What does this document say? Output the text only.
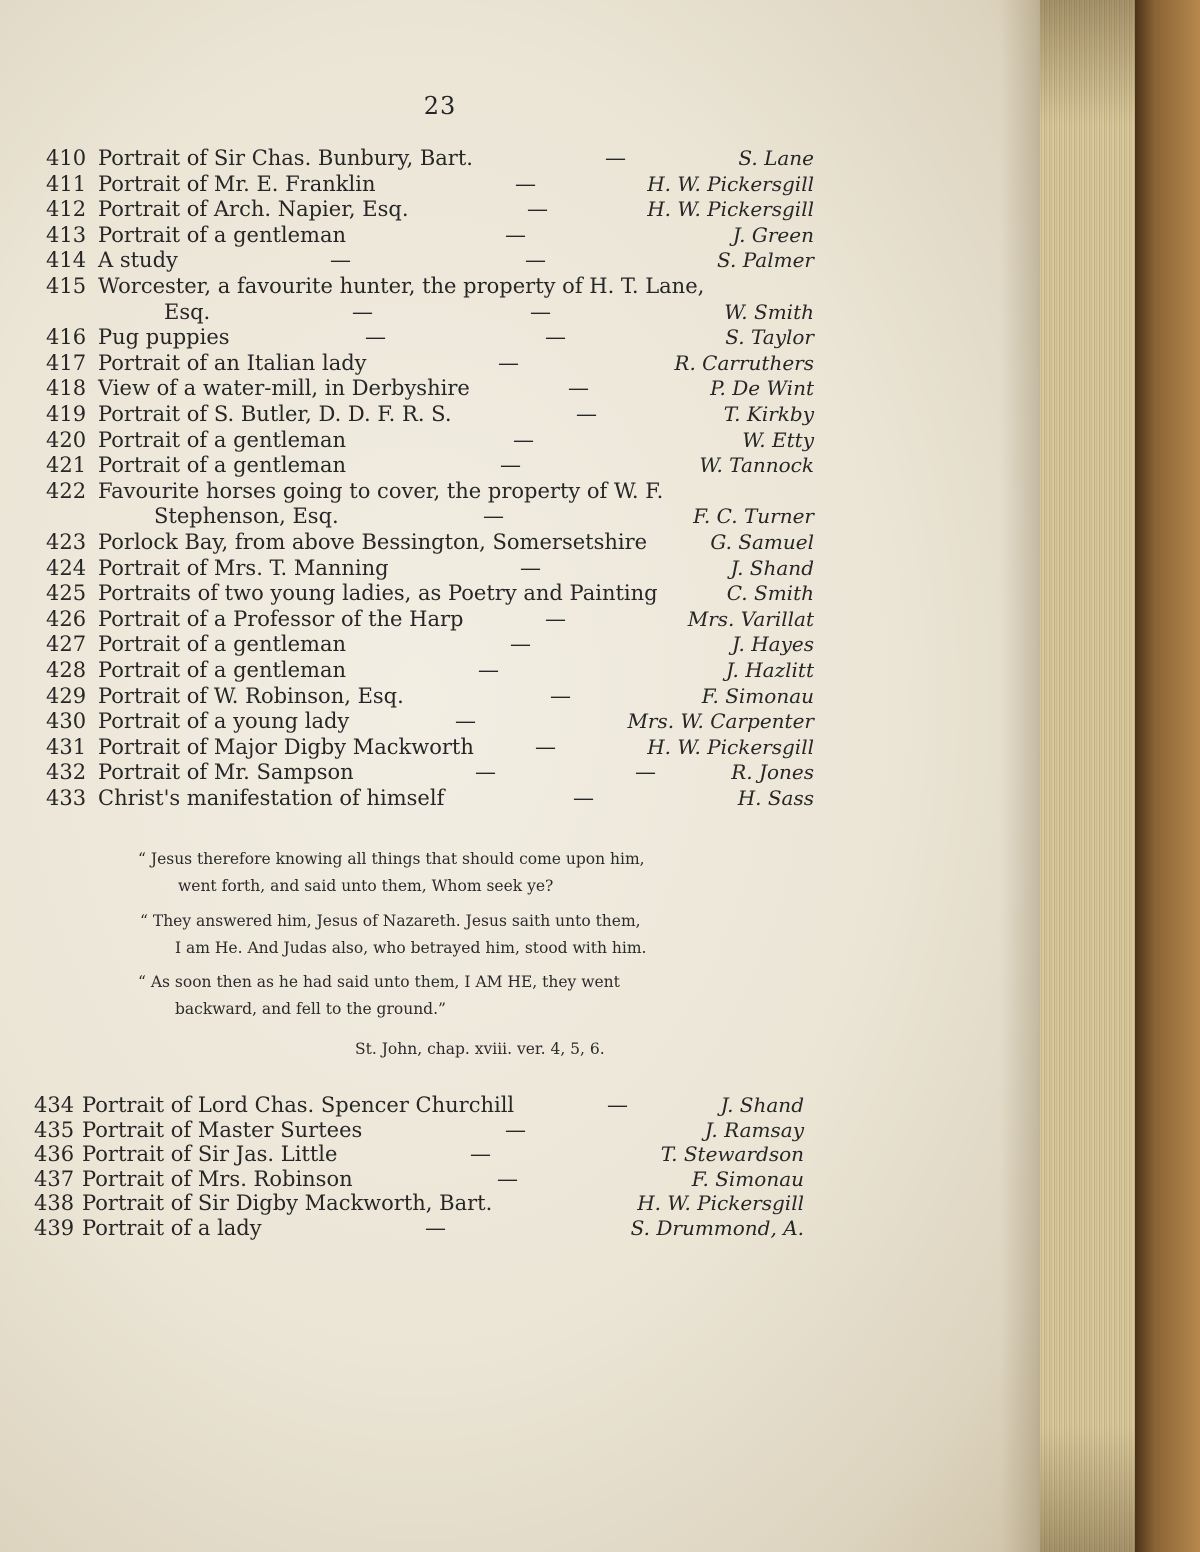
23
410 Portrait of Sir Chas. Bunbury, Bart.	—	S. Lane
411 Portrait of Mr. E. Franklin	—	H. W. Pickersgill
412 Portrait of Arch. Napier, Esq.	—	H. W. Pickersgill
413 Portrait of a gentleman	—	J. Green
414 A study	—	—	S. Palmer
415 Worcester, a favourite hunter, the property of H. T. Lane,
Esq.	—	—	W. Smith
416 Pug puppies	—	—	S. Taylor
417 Portrait of an Italian lady	—	R. Carruthers
418 View of a water-mill, in Derbyshire	—	P. De Wint
419 Portrait of S. Butler, D. D. F. R. S.	—	T. Kirkby
420 Portrait of a gentleman	—	W. Etty
421 Portrait of a gentleman	—	W. Tannock
422 Favourite horses going to cover, the property of W. F.
Stephenson, Esq.	—	F. C. Turner
423 Porlock Bay, from above Bessington, Somersetshire	G. Samuel
424 Portrait of Mrs. T. Manning	—	J. Shand
425 Portraits of two young ladies, as Poetry and Painting	C. Smith
426 Portrait of a Professor of the Harp	—	Mrs. Varillat
427 Portrait of a gentleman	—	J. Hayes
428 Portrait of a gentleman	—	J. Hazlitt
429 Portrait of W. Robinson, Esq.	—	F. Simonau
430 Portrait of a young lady	—	Mrs. W. Carpenter
431 Portrait of Major Digby Mackworth	—	H. W. Pickersgill
432 Portrait of Mr. Sampson	—	—	R. Jones
433 Christ's manifestation of himself	—	H. Sass
“ Jesus therefore knowing all things that should come upon him,
went forth, and said unto them, Whom seek ye?
“ They answered him, Jesus of Nazareth. Jesus saith unto them,
I am He. And Judas also, who betrayed him, stood with him.
“ As soon then as he had said unto them, I AM HE, they went
backward, and fell to the ground.”
St. John, chap. xviii. ver. 4, 5, 6.
434 Portrait of Lord Chas. Spencer Churchill	—	J. Shand
435 Portrait of Master Surtees	—	J. Ramsay
436 Portrait of Sir Jas. Little	—	T. Stewardson
437 Portrait of Mrs. Robinson	—	F. Simonau
438 Portrait of Sir Digby Mackworth, Bart.	H. W. Pickersgill
439 Portrait of a lady	—	S. Drummond, A.
